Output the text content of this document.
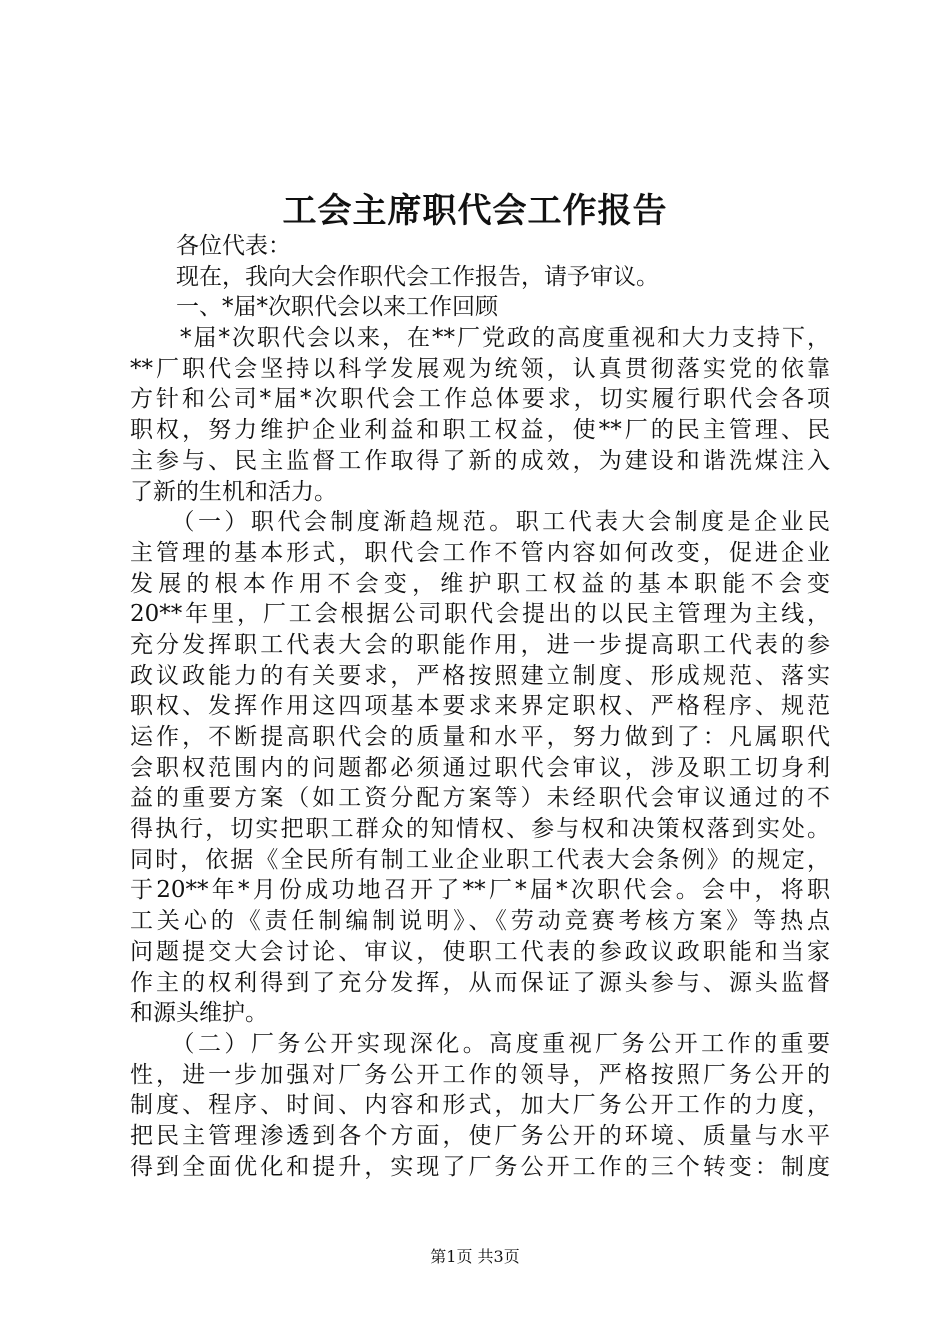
工会主席职代会工作报告
　　各位代表：
　　现在，我向大会作职代会工作报告，请予审议。
　　一、*届*次职代会以来工作回顾
　　*届*次职代会以来，在**厂党政的高度重视和大力支持下，
**厂职代会坚持以科学发展观为统领，认真贯彻落实党的依靠
方针和公司*届*次职代会工作总体要求，切实履行职代会各项
职权，努力维护企业利益和职工权益，使**厂的民主管理、民
主参与、民主监督工作取得了新的成效，为建设和谐洗煤注入
了新的生机和活力。
　　（一）职代会制度渐趋规范。职工代表大会制度是企业民
主管理的基本形式，职代会工作不管内容如何改变，促进企业
发展的根本作用不会变，维护职工权益的基本职能不会变
20**年里，厂工会根据公司职代会提出的以民主管理为主线，
充分发挥职工代表大会的职能作用，进一步提高职工代表的参
政议政能力的有关要求，严格按照建立制度、形成规范、落实
职权、发挥作用这四项基本要求来界定职权、严格程序、规范
运作，不断提高职代会的质量和水平，努力做到了：凡属职代
会职权范围内的问题都必须通过职代会审议，涉及职工切身利
益的重要方案（如工资分配方案等）未经职代会审议通过的不
得执行，切实把职工群众的知情权、参与权和决策权落到实处。
同时，依据《全民所有制工业企业职工代表大会条例》的规定，
于20**年*月份成功地召开了**厂*届*次职代会。会中，将职
工关心的《责任制编制说明》、《劳动竞赛考核方案》等热点
问题提交大会讨论、审议，使职工代表的参政议政职能和当家
作主的权利得到了充分发挥，从而保证了源头参与、源头监督
和源头维护。
　　（二）厂务公开实现深化。高度重视厂务公开工作的重要
性，进一步加强对厂务公开工作的领导，严格按照厂务公开的
制度、程序、时间、内容和形式，加大厂务公开工作的力度，
把民主管理渗透到各个方面，使厂务公开的环境、质量与水平
得到全面优化和提升，实现了厂务公开工作的三个转变：制度
第1页 共3页
